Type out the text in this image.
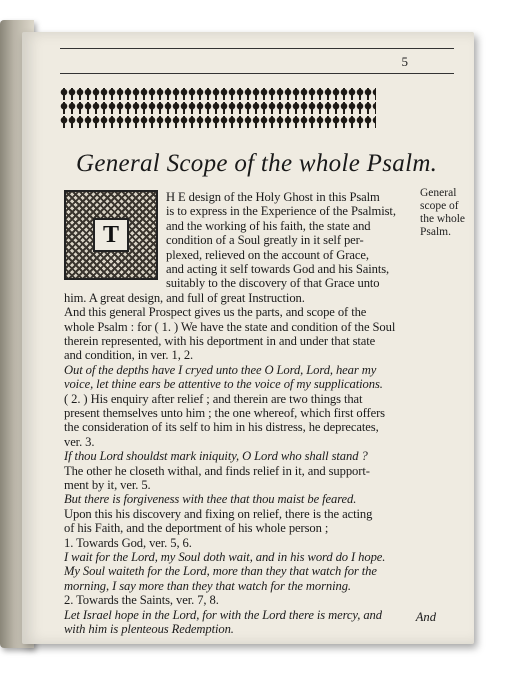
5
General Scope of the whole Psalm.
T
General scope of the whole Psalm.
H E design of the Holy Ghost in this Psalm
is to express in the Experience of the Psalmist,
and the working of his faith, the state and
condition of a Soul greatly in it self per-
plexed, relieved on the account of Grace,
and acting it self towards God and his Saints,
suitably to the discovery of that Grace unto
him. A great design, and full of great Instruction.
And this general Prospect gives us the parts, and scope of the
whole Psalm : for ( 1. ) We have the state and condition of the Soul
therein represented, with his deportment in and under that state
and condition, in ver. 1, 2.
Out of the depths have I cryed unto thee O Lord, Lord, hear my
voice, let thine ears be attentive to the voice of my supplications.
( 2. ) His enquiry after relief ; and therein are two things that
present themselves unto him ; the one whereof, which first offers
the consideration of its self to him in his distress, he deprecates,
ver. 3.
If thou Lord shouldst mark iniquity, O Lord who shall stand ?
The other he closeth withal, and finds relief in it, and support-
ment by it, ver. 5.
But there is forgiveness with thee that thou maist be feared.
Upon this his discovery and fixing on relief, there is the acting
of his Faith, and the deportment of his whole person ;
1. Towards God, ver. 5, 6.
I wait for the Lord, my Soul doth wait, and in his word do I hope.
My Soul waiteth for the Lord, more than they that watch for the
morning, I say more than they that watch for the morning.
2. Towards the Saints, ver. 7, 8.
Let Israel hope in the Lord, for with the Lord there is mercy, and
with him is plenteous Redemption.
And
